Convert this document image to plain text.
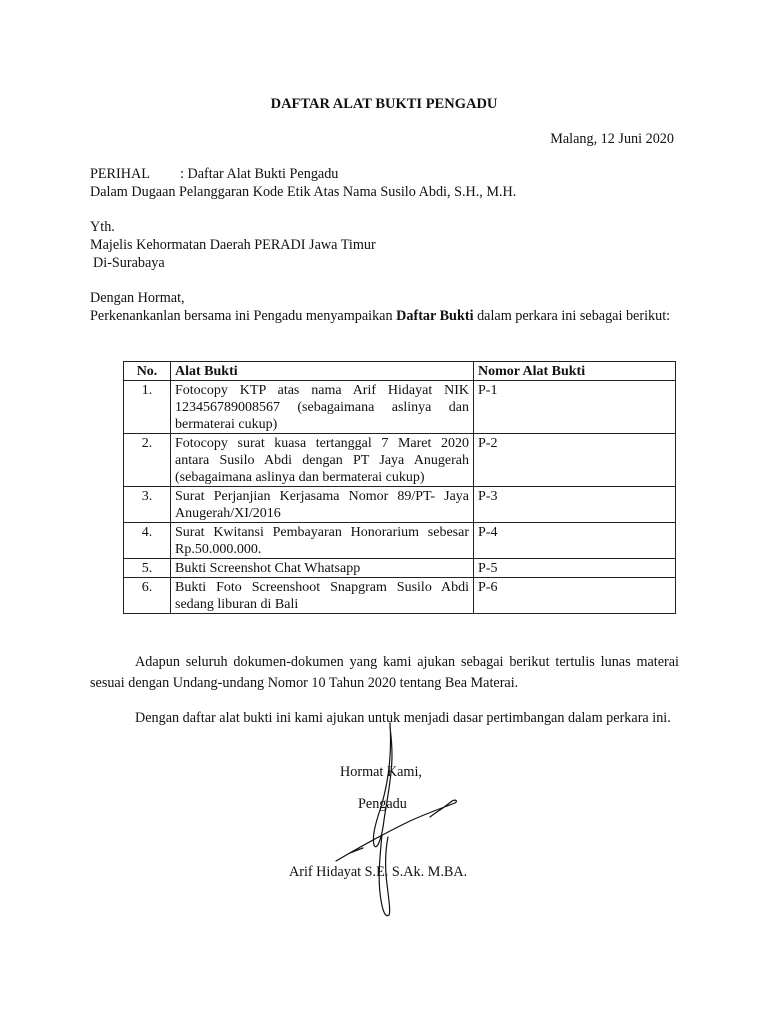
DAFTAR ALAT BUKTI PENGADU
Malang, 12 Juni 2020
PERIHAL : Daftar Alat Bukti Pengadu
Dalam Dugaan Pelanggaran Kode Etik Atas Nama Susilo Abdi, S.H., M.H.
Yth.
Majelis Kehormatan Daerah PERADI Jawa Timur
Di-Surabaya
Dengan Hormat,
Perkenankanlan bersama ini Pengadu menyampaikan Daftar Bukti dalam perkara ini sebagai berikut:
No.	Alat Bukti	Nomor Alat Bukti
1.	Fotocopy KTP atas nama Arif Hidayat NIK 123456789008567 (sebagaimana aslinya dan bermaterai cukup)	P-1
2.	Fotocopy surat kuasa tertanggal 7 Maret 2020 antara Susilo Abdi dengan PT Jaya Anugerah (sebagaimana aslinya dan bermaterai cukup)	P-2
3.	Surat Perjanjian Kerjasama Nomor 89/PT- Jaya Anugerah/XI/2016	P-3
4.	Surat Kwitansi Pembayaran Honorarium sebesar Rp.50.000.000.	P-4
5.	Bukti Screenshot Chat Whatsapp	P-5
6.	Bukti Foto Screenshoot Snapgram Susilo Abdi sedang liburan di Bali	P-6
Adapun seluruh dokumen-dokumen yang kami ajukan sebagai berikut tertulis lunas materai sesuai dengan Undang-undang Nomor 10 Tahun 2020 tentang Bea Materai.
Dengan daftar alat bukti ini kami ajukan untuk menjadi dasar pertimbangan dalam perkara ini.
Hormat Kami,
Pengadu
Arif Hidayat S.E. S.Ak. M.BA.
